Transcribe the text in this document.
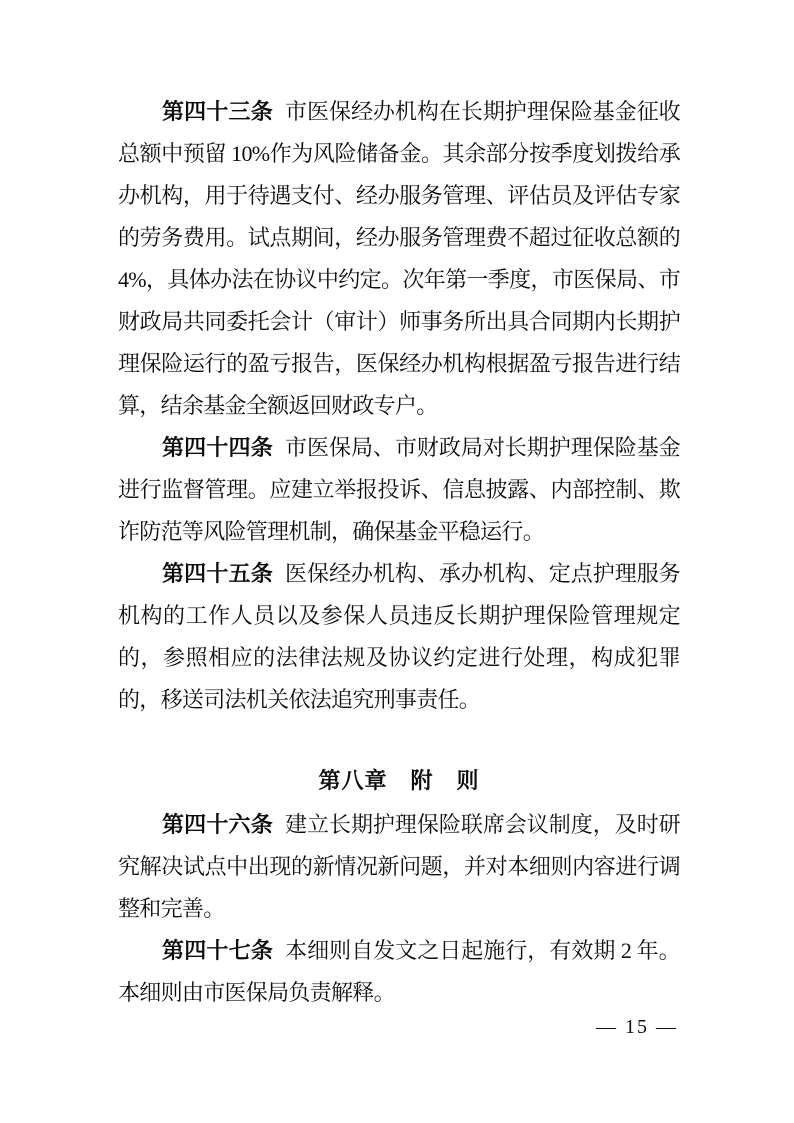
第四十三条 市医保经办机构在长期护理保险基金征收总额中预留 10%作为风险储备金。其余部分按季度划拨给承办机构，用于待遇支付、经办服务管理、评估员及评估专家的劳务费用。试点期间，经办服务管理费不超过征收总额的 4%，具体办法在协议中约定。次年第一季度，市医保局、市财政局共同委托会计（审计）师事务所出具合同期内长期护理保险运行的盈亏报告，医保经办机构根据盈亏报告进行结算，结余基金全额返回财政专户。

第四十四条 市医保局、市财政局对长期护理保险基金进行监督管理。应建立举报投诉、信息披露、内部控制、欺诈防范等风险管理机制，确保基金平稳运行。

第四十五条 医保经办机构、承办机构、定点护理服务机构的工作人员以及参保人员违反长期护理保险管理规定的，参照相应的法律法规及协议约定进行处理，构成犯罪的，移送司法机关依法追究刑事责任。

第八章　附　则

第四十六条 建立长期护理保险联席会议制度，及时研究解决试点中出现的新情况新问题，并对本细则内容进行调整和完善。

第四十七条 本细则自发文之日起施行，有效期 2 年。本细则由市医保局负责解释。

— 15 —
